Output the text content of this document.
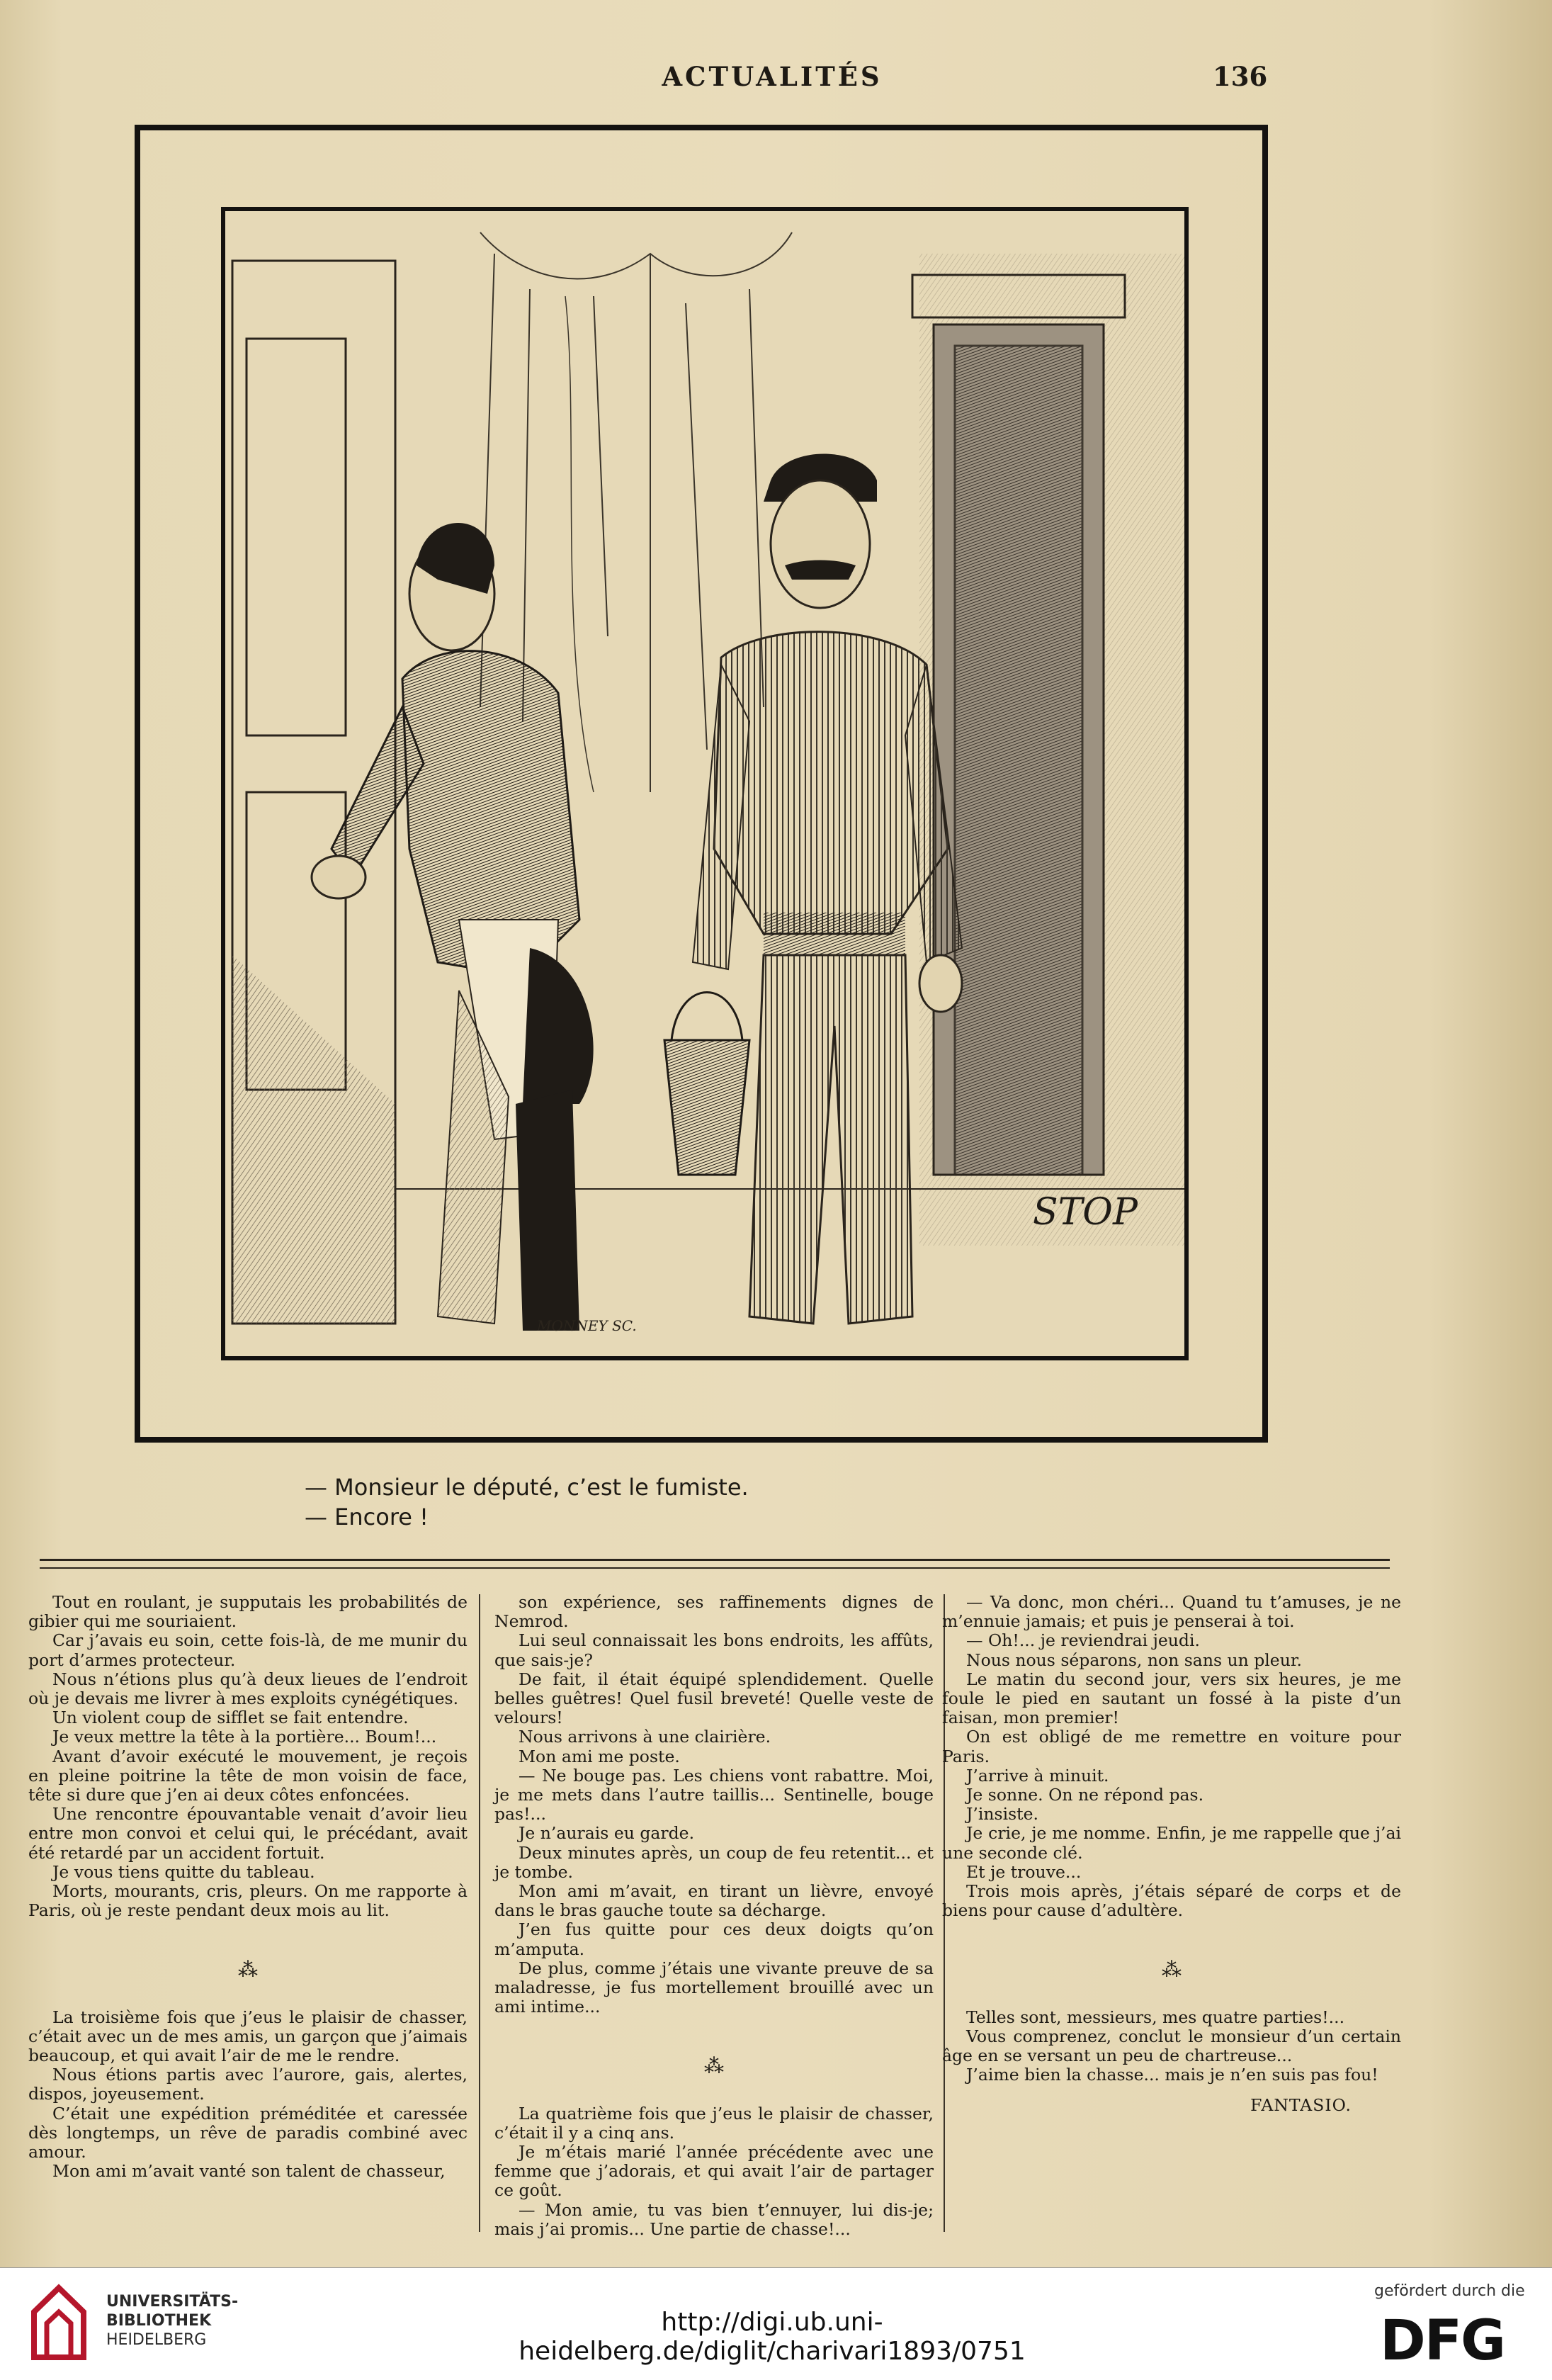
ACTUALITÉS	136
STOP
MONNEY SC.
— Monsieur le député, c’est le fumiste.
— Encore !

Tout en roulant, je supputais les probabilités de gibier qui me souriaient.

Car j’avais eu soin, cette fois-là, de me munir du port d’armes protecteur.

Nous n’étions plus qu’à deux lieues de l’endroit où je devais me livrer à mes exploits cynégétiques.

Un violent coup de sifflet se fait entendre.

Je veux mettre la tête à la portière... Boum!...

Avant d’avoir exécuté le mouvement, je reçois en pleine poitrine la tête de mon voisin de face, tête si dure que j’en ai deux côtes enfoncées.

Une rencontre épouvantable venait d’avoir lieu entre mon convoi et celui qui, le précédant, avait été retardé par un accident fortuit.

Je vous tiens quitte du tableau.

Morts, mourants, cris, pleurs. On me rapporte à Paris, où je reste pendant deux mois au lit.

⁂

La troisième fois que j’eus le plaisir de chasser, c’était avec un de mes amis, un garçon que j’aimais beaucoup, et qui avait l’air de me le rendre.

Nous étions partis avec l’aurore, gais, alertes, dispos, joyeusement.

C’était une expédition préméditée et caressée dès longtemps, un rêve de paradis combiné avec amour.

Mon ami m’avait vanté son talent de chasseur,

son expérience, ses raffinements dignes de Nemrod.

Lui seul connaissait les bons endroits, les affûts, que sais-je?

De fait, il était équipé splendidement. Quelle belles guêtres! Quel fusil breveté! Quelle veste de velours!

Nous arrivons à une clairière.

Mon ami me poste.

— Ne bouge pas. Les chiens vont rabattre. Moi, je me mets dans l’autre taillis... Sentinelle, bouge pas!...

Je n’aurais eu garde.

Deux minutes après, un coup de feu retentit... et je tombe.

Mon ami m’avait, en tirant un lièvre, envoyé dans le bras gauche toute sa décharge.

J’en fus quitte pour ces deux doigts qu’on m’amputa.

De plus, comme j’étais une vivante preuve de sa maladresse, je fus mortellement brouillé avec un ami intime...

⁂

La quatrième fois que j’eus le plaisir de chasser, c’était il y a cinq ans.

Je m’étais marié l’année précédente avec une femme que j’adorais, et qui avait l’air de partager ce goût.

— Mon amie, tu vas bien t’ennuyer, lui dis-je; mais j’ai promis... Une partie de chasse!...

— Va donc, mon chéri... Quand tu t’amuses, je ne m’ennuie jamais; et puis je penserai à toi.

— Oh!... je reviendrai jeudi.

Nous nous séparons, non sans un pleur.

Le matin du second jour, vers six heures, je me foule le pied en sautant un fossé à la piste d’un faisan, mon premier!

On est obligé de me remettre en voiture pour Paris.

J’arrive à minuit.

Je sonne. On ne répond pas.

J’insiste.

Je crie, je me nomme. Enfin, je me rappelle que j’ai une seconde clé.

Et je trouve...

Trois mois après, j’étais séparé de corps et de biens pour cause d’adultère.

⁂

Telles sont, messieurs, mes quatre parties!...

Vous comprenez, conclut le monsieur d’un certain âge en se versant un peu de chartreuse...

J’aime bien la chasse... mais je n’en suis pas fou!

FANTASIO.

UNIVERSITÄTS-
BIBLIOTHEK
HEIDELBERG
http://digi.ub.uni-heidelberg.de/diglit/charivari1893/0751
gefördert durch die
DFG
